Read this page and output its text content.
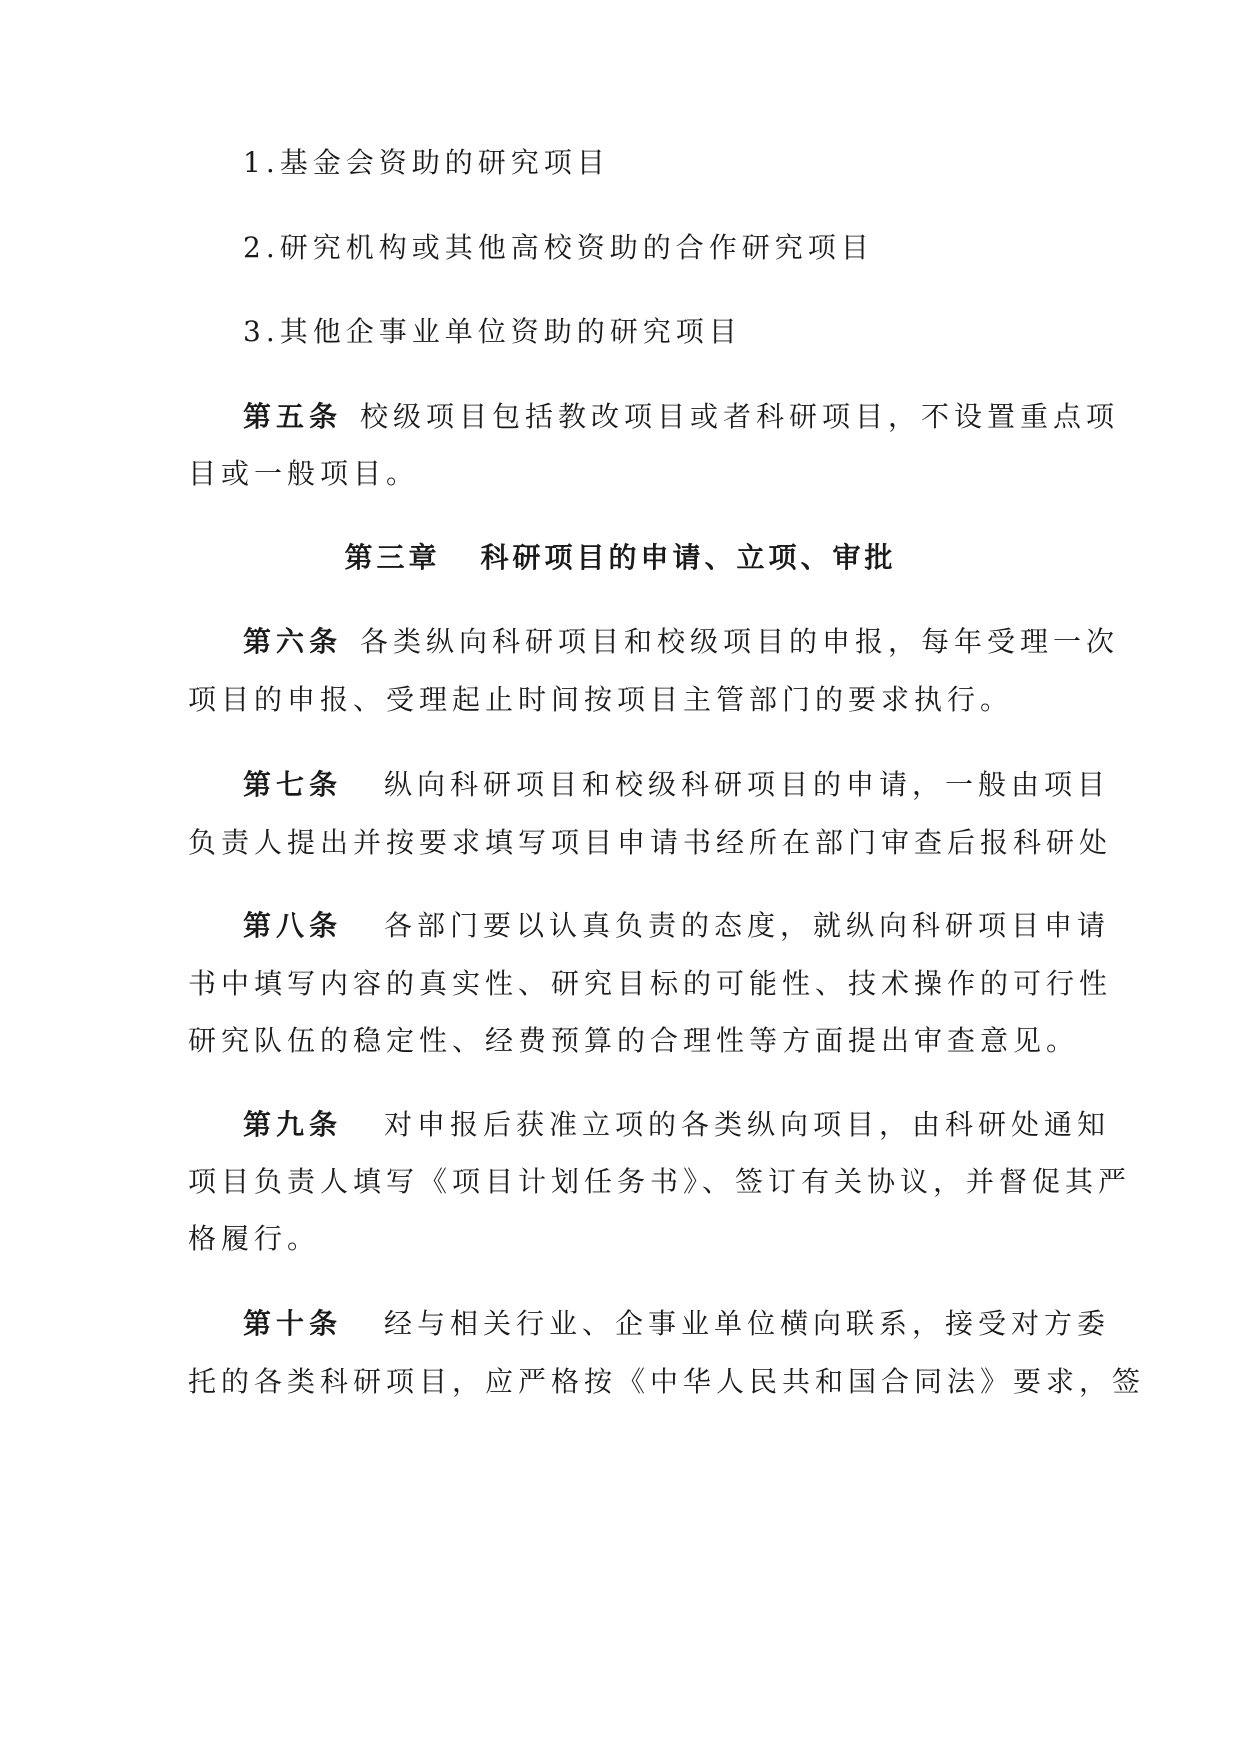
1.基金会资助的研究项目
2.研究机构或其他高校资助的合作研究项目
3.其他企事业单位资助的研究项目
第五条 校级项目包括教改项目或者科研项目，不设置重点项
目或一般项目。
第三章 科研项目的申请、立项、审批
第六条 各类纵向科研项目和校级项目的申报，每年受理一次
项目的申报、受理起止时间按项目主管部门的要求执行。
第七条 纵向科研项目和校级科研项目的申请，一般由项目
负责人提出并按要求填写项目申请书经所在部门审查后报科研处
第八条 各部门要以认真负责的态度，就纵向科研项目申请
书中填写内容的真实性、研究目标的可能性、技术操作的可行性
研究队伍的稳定性、经费预算的合理性等方面提出审查意见。
第九条 对申报后获准立项的各类纵向项目，由科研处通知
项目负责人填写《项目计划任务书》、签订有关协议，并督促其严
格履行。
第十条 经与相关行业、企事业单位横向联系，接受对方委
托的各类科研项目，应严格按《中华人民共和国合同法》要求，签
